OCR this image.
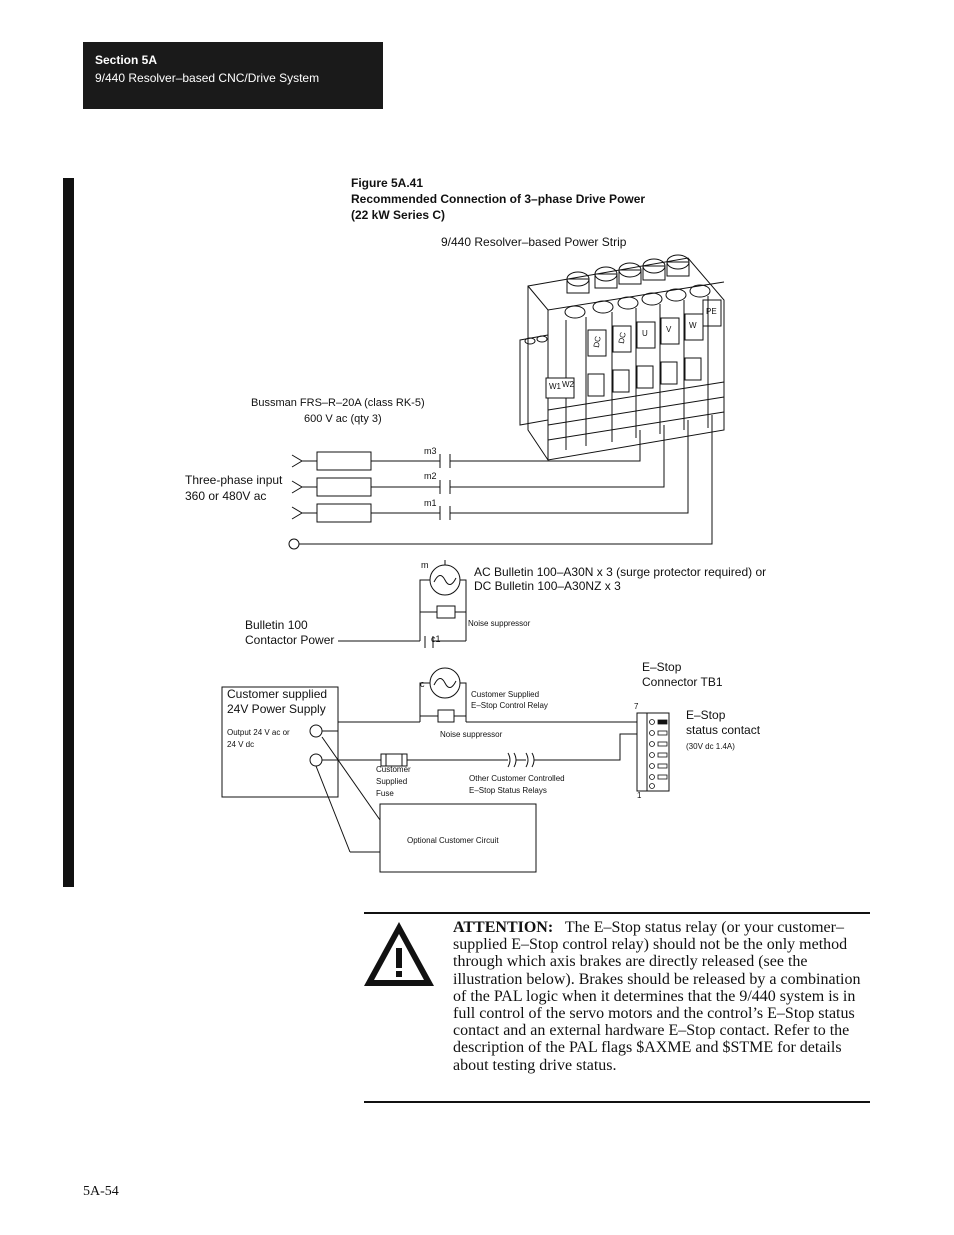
Section 5A
9/440 Resolver–based CNC/Drive System
Figure 5A.41
Recommended Connection of 3–phase Drive Power
(22 kW Series C)
9/440 Resolver–based Power Strip
DC DC U V W
PE
W1 W2
Bussman FRS–R–20A (class RK-5)
600 V ac (qty 3)
Three-phase input
360 or 480V ac
m3
m2
m1
m	AC Bulletin 100–A30N x 3 (surge protector required) or
DC Bulletin 100–A30NZ x 3
Noise suppressor
Bulletin 100
Contactor Power	c1
c
Customer Supplied
E–Stop Control Relay
Noise suppressor
Customer supplied
24V Power Supply
Output 24 V ac or
24 V dc
Customer
Supplied
Fuse
Other Customer Controlled
E–Stop Status Relays
Optional Customer Circuit
E–Stop
Connector TB1
7
1
E–Stop
status contact
(30V dc 1.4A)
ATTENTION: The E–Stop status relay (or your customer–supplied E–Stop control relay) should not be the only method through which axis brakes are directly released (see the illustration below). Brakes should be released by a combination of the PAL logic when it determines that the 9/440 system is in full control of the servo motors and the control’s E–Stop status contact and an external hardware E–Stop contact. Refer to the description of the PAL flags $AXME and $STME for details about testing drive status.
5A-54
